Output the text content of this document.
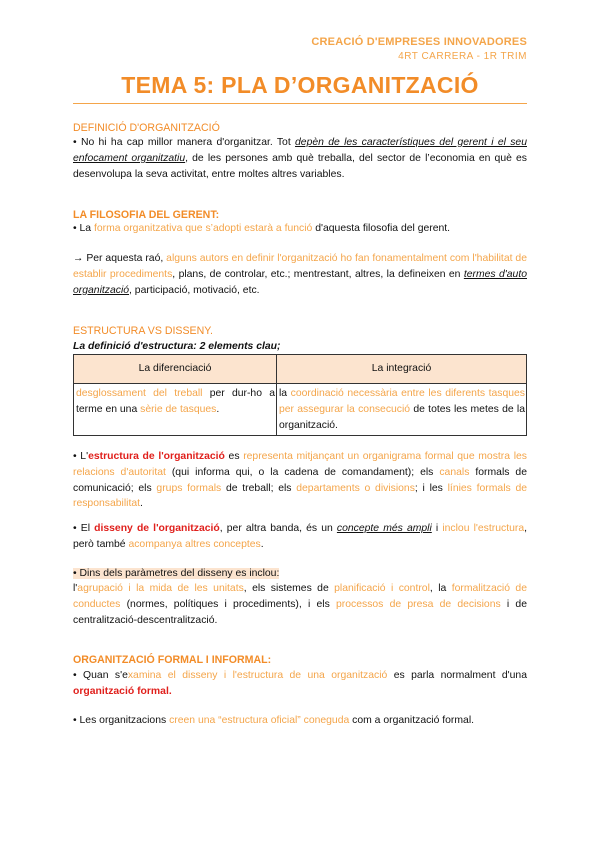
CREACIÓ D'EMPRESES INNOVADORES
4RT CARRERA - 1R TRIM
TEMA 5: PLA D’ORGANITZACIÓ
DEFINICIÓ D'ORGANITZACIÓ
• No hi ha cap millor manera d'organitzar. Tot depèn de les característiques del gerent i el seu enfocament organitzatiu, de les persones amb què treballa, del sector de l’economia en què es desenvolupa la seva activitat, entre moltes altres variables.
LA FILOSOFIA DEL GERENT:
• La forma organitzativa que s’adopti estarà a funció d'aquesta filosofia del gerent.
→ Per aquesta raó, alguns autors en definir l'organització ho fan fonamentalment com l'habilitat de establir procediments, plans, de controlar, etc.; mentrestant, altres, la defineixen en termes d'auto organització, participació, motivació, etc.
ESTRUCTURA VS DISSENY.
La definició d'estructura: 2 elements clau;
La diferenciació	La integració
desglossament del treball per dur-ho a terme en una sèrie de tasques.	la coordinació necessària entre les diferents tasques per assegurar la consecució de totes les metes de la organització.
• L'estructura de l'organització es representa mitjançant un organigrama formal que mostra les relacions d'autoritat (qui informa qui, o la cadena de comandament); els canals formals de comunicació; els grups formals de treball; els departaments o divisions; i les línies formals de responsabilitat.
• El disseny de l'organització, per altra banda, és un concepte més ampli i inclou l'estructura, però també acompanya altres conceptes.
• Dins dels paràmetres del disseny es inclou:
l'agrupació i la mida de les unitats, els sistemes de planificació i control, la formalització de conductes (normes, polítiques i procediments), i els processos de presa de decisions i de centralització-descentralització.
ORGANITZACIÓ FORMAL I INFORMAL:
• Quan s'examina el disseny i l'estructura de una organització es parla normalment d'una organització formal.
• Les organitzacions creen una “estructura oficial” coneguda com a organització formal.
